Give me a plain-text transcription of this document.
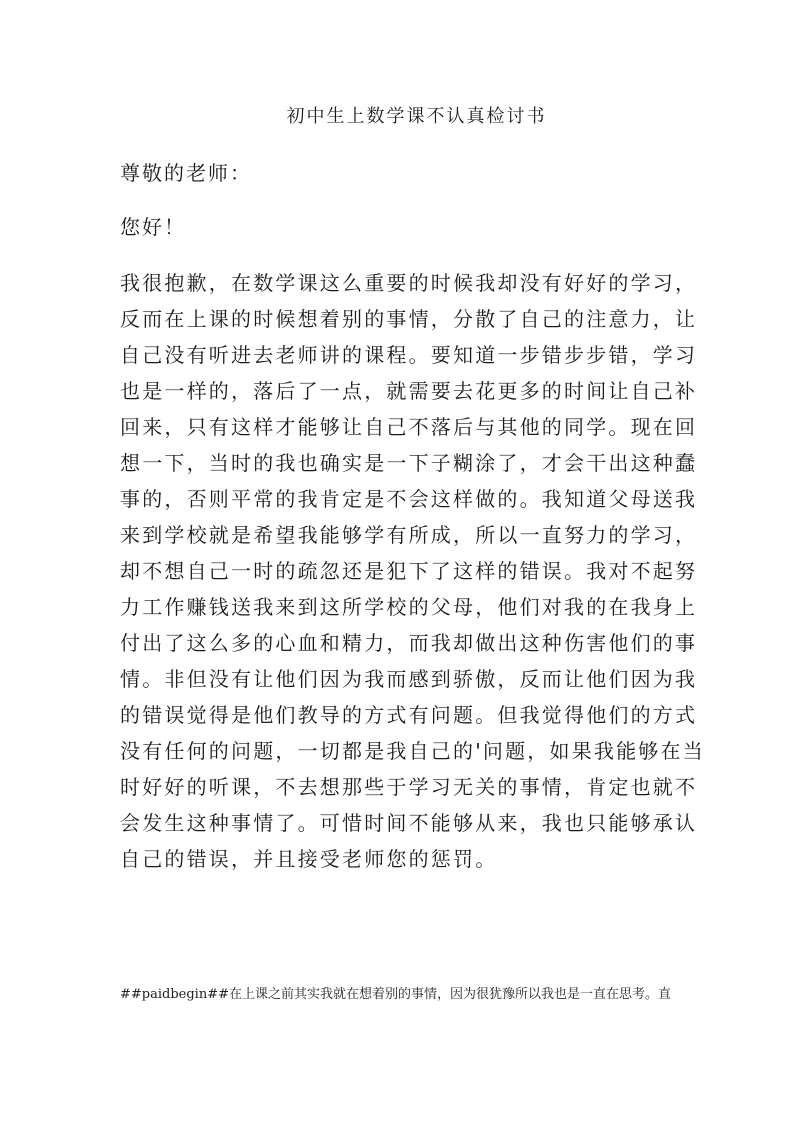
初中生上数学课不认真检讨书
尊敬的老师：
您好！
我很抱歉，在数学课这么重要的时候我却没有好好的学习，
反而在上课的时候想着别的事情，分散了自己的注意力，让
自己没有听进去老师讲的课程。要知道一步错步步错，学习
也是一样的，落后了一点，就需要去花更多的时间让自己补
回来，只有这样才能够让自己不落后与其他的同学。现在回
想一下，当时的我也确实是一下子糊涂了，才会干出这种蠢
事的，否则平常的我肯定是不会这样做的。我知道父母送我
来到学校就是希望我能够学有所成，所以一直努力的学习，
却不想自己一时的疏忽还是犯下了这样的错误。我对不起努
力工作赚钱送我来到这所学校的父母，他们对我的在我身上
付出了这么多的心血和精力，而我却做出这种伤害他们的事
情。非但没有让他们因为我而感到骄傲，反而让他们因为我
的错误觉得是他们教导的方式有问题。但我觉得他们的方式
没有任何的问题，一切都是我自己的'问题，如果我能够在当
时好好的听课，不去想那些于学习无关的事情，肯定也就不
会发生这种事情了。可惜时间不能够从来，我也只能够承认
自己的错误，并且接受老师您的惩罚。
##paidbegin##在上课之前其实我就在想着别的事情，因为很犹豫所以我也是一直在思考。直
